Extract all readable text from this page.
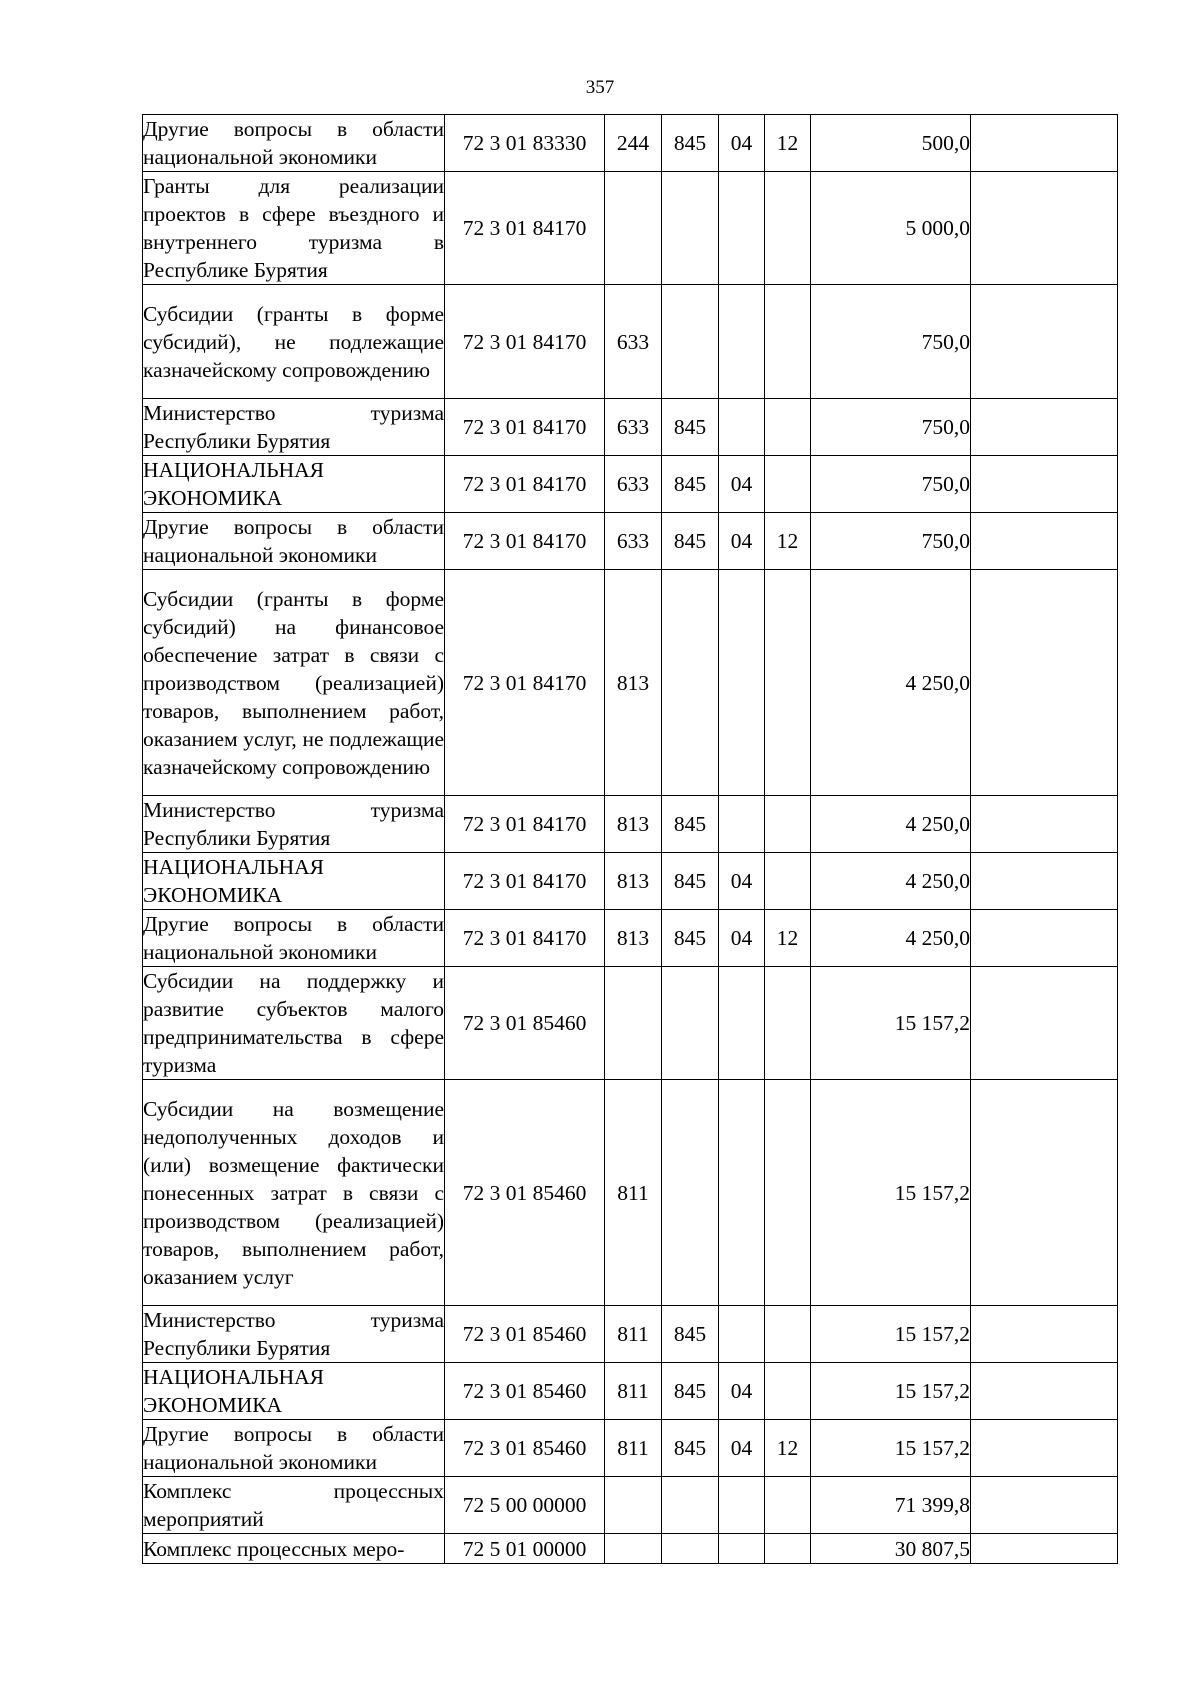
357
Другие вопросы в области национальной экономики	72 3 01 83330	244	845	04	12	500,0	
Гранты для реализации проектов в сфере въездного и внутреннего туризма в Республике Бурятия	72 3 01 84170					5 000,0	
Субсидии (гранты в форме субсидий), не подлежащие казначейскому сопровождению	72 3 01 84170	633				750,0	
Министерство туризма Республики Бурятия	72 3 01 84170	633	845			750,0	
НАЦИОНАЛЬНАЯ ЭКОНОМИКА	72 3 01 84170	633	845	04		750,0	
Другие вопросы в области национальной экономики	72 3 01 84170	633	845	04	12	750,0	
Субсидии (гранты в форме субсидий) на финансовое обеспечение затрат в связи с производством (реализацией) товаров, выполнением работ, оказанием услуг, не подлежащие казначейскому сопровождению	72 3 01 84170	813				4 250,0	
Министерство туризма Республики Бурятия	72 3 01 84170	813	845			4 250,0	
НАЦИОНАЛЬНАЯ ЭКОНОМИКА	72 3 01 84170	813	845	04		4 250,0	
Другие вопросы в области национальной экономики	72 3 01 84170	813	845	04	12	4 250,0	
Субсидии на поддержку и развитие субъектов малого предпринимательства в сфере туризма	72 3 01 85460					15 157,2	
Субсидии на возмещение недополученных доходов и (или) возмещение фактически понесенных затрат в связи с производством (реализацией) товаров, выполнением работ, оказанием услуг	72 3 01 85460	811				15 157,2	
Министерство туризма Республики Бурятия	72 3 01 85460	811	845			15 157,2	
НАЦИОНАЛЬНАЯ ЭКОНОМИКА	72 3 01 85460	811	845	04		15 157,2	
Другие вопросы в области национальной экономики	72 3 01 85460	811	845	04	12	15 157,2	
Комплекс процессных мероприятий	72 5 00 00000					71 399,8	
Комплекс процессных меро-	72 5 01 00000					30 807,5	
